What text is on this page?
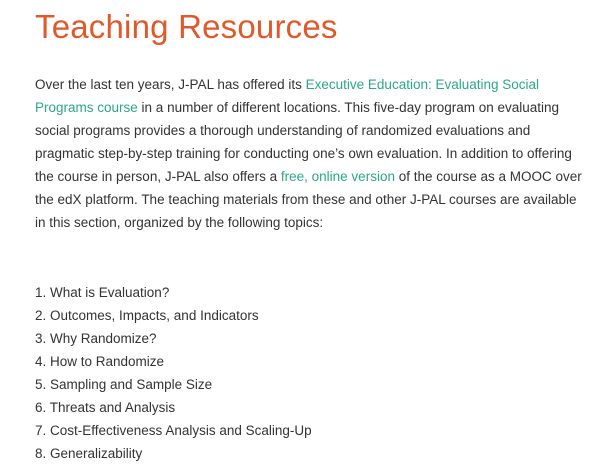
Teaching Resources

Over the last ten years, J-PAL has offered its Executive Education: Evaluating Social Programs course in a number of different locations. This five-day program on evaluating social programs provides a thorough understanding of randomized evaluations and pragmatic step-by-step training for conducting one’s own evaluation. In addition to offering the course in person, J-PAL also offers a free, online version of the course as a MOOC over the edX platform. The teaching materials from these and other J-PAL courses are available in this section, organized by the following topics:

1. What is Evaluation?
2. Outcomes, Impacts, and Indicators
3. Why Randomize?
4. How to Randomize
5. Sampling and Sample Size
6. Threats and Analysis
7. Cost-Effectiveness Analysis and Scaling-Up
8. Generalizability
